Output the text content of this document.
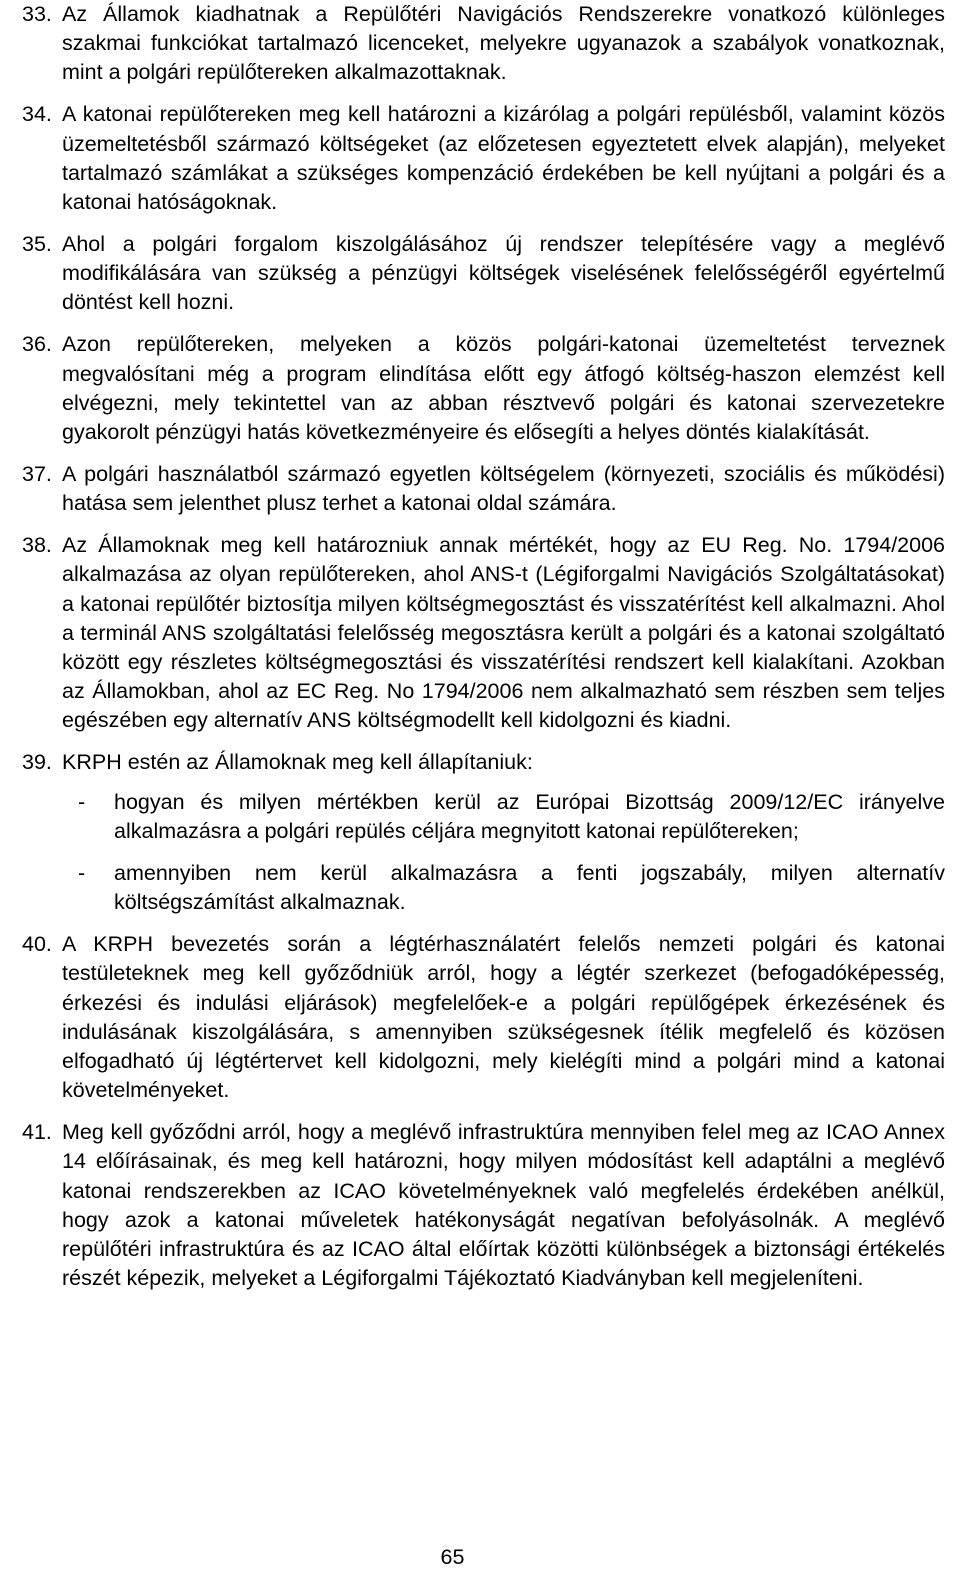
33. Az Államok kiadhatnak a Repülőtéri Navigációs Rendszerekre vonatkozó különleges szakmai funkciókat tartalmazó licenceket, melyekre ugyanazok a szabályok vonatkoznak, mint a polgári repülőtereken alkalmazottaknak.
34. A katonai repülőtereken meg kell határozni a kizárólag a polgári repülésből, valamint közös üzemeltetésből származó költségeket (az előzetesen egyeztetett elvek alapján), melyeket tartalmazó számlákat a szükséges kompenzáció érdekében be kell nyújtani a polgári és a katonai hatóságoknak.
35. Ahol a polgári forgalom kiszolgálásához új rendszer telepítésére vagy a meglévő modifikálására van szükség a pénzügyi költségek viselésének felelősségéről egyértelmű döntést kell hozni.
36. Azon repülőtereken, melyeken a közös polgári-katonai üzemeltetést terveznek megvalósítani még a program elindítása előtt egy átfogó költség-haszon elemzést kell elvégezni, mely tekintettel van az abban résztvevő polgári és katonai szervezetekre gyakorolt pénzügyi hatás következményeire és elősegíti a helyes döntés kialakítását.
37. A polgári használatból származó egyetlen költségelem (környezeti, szociális és működési) hatása sem jelenthet plusz terhet a katonai oldal számára.
38. Az Államoknak meg kell határozniuk annak mértékét, hogy az EU Reg. No. 1794/2006 alkalmazása az olyan repülőtereken, ahol ANS-t (Légiforgalmi Navigációs Szolgáltatásokat) a katonai repülőtér biztosítja milyen költségmegosztást és visszatérítést kell alkalmazni. Ahol a terminál ANS szolgáltatási felelősség megosztásra került a polgári és a katonai szolgáltató között egy részletes költségmegosztási és visszatérítési rendszert kell kialakítani. Azokban az Államokban, ahol az EC Reg. No 1794/2006 nem alkalmazható sem részben sem teljes egészében egy alternatív ANS költségmodellt kell kidolgozni és kiadni.
39. KRPH estén az Államoknak meg kell állapítaniuk:
-	hogyan és milyen mértékben kerül az Európai Bizottság 2009/12/EC irányelve alkalmazásra a polgári repülés céljára megnyitott katonai repülőtereken;
-	amennyiben nem kerül alkalmazásra a fenti jogszabály, milyen alternatív költségszámítást alkalmaznak.
40. A KRPH bevezetés során a légtérhasználatért felelős nemzeti polgári és katonai testületeknek meg kell győződniük arról, hogy a légtér szerkezet (befogadóképesség, érkezési és indulási eljárások) megfelelőek-e a polgári repülőgépek érkezésének és indulásának kiszolgálására, s amennyiben szükségesnek ítélik megfelelő és közösen elfogadható új légtértervet kell kidolgozni, mely kielégíti mind a polgári mind a katonai követelményeket.
41. Meg kell győződni arról, hogy a meglévő infrastruktúra mennyiben felel meg az ICAO Annex 14 előírásainak, és meg kell határozni, hogy milyen módosítást kell adaptálni a meglévő katonai rendszerekben az ICAO követelményeknek való megfelelés érdekében anélkül, hogy azok a katonai műveletek hatékonyságát negatívan befolyásolnák. A meglévő repülőtéri infrastruktúra és az ICAO által előírtak közötti különbségek a biztonsági értékelés részét képezik, melyeket a Légiforgalmi Tájékoztató Kiadványban kell megjeleníteni.
65
